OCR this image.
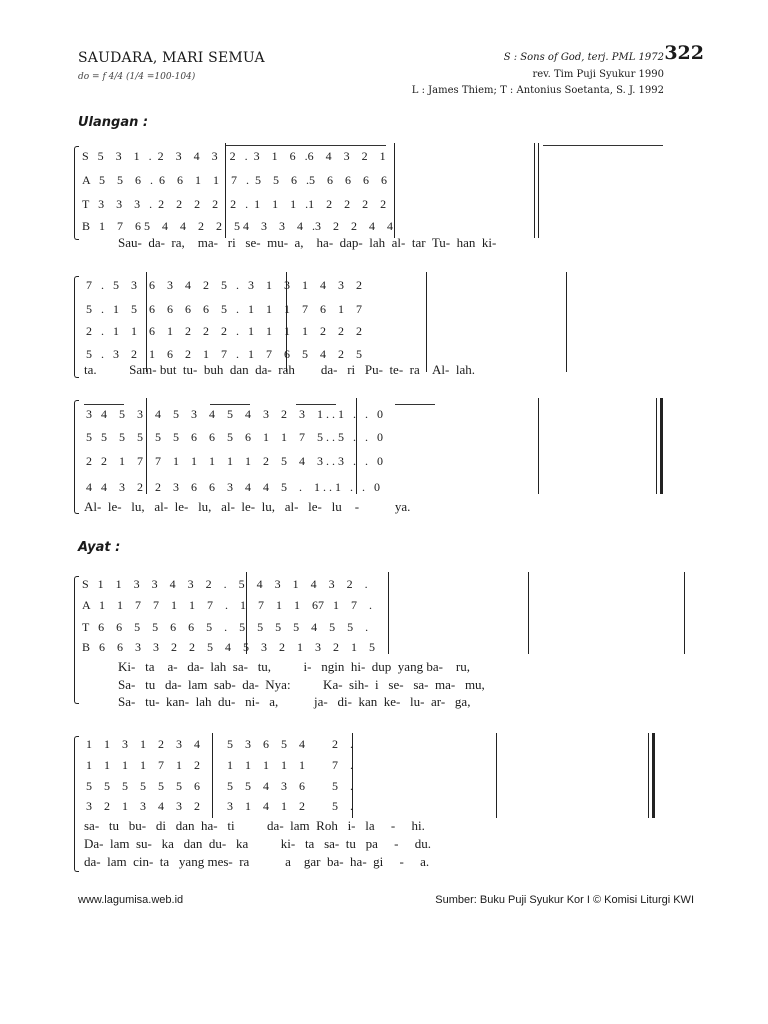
SAUDARA, MARI SEMUA
do = f 4/4 (1/4 =100-104)
S : Sons of God, terj. PML 1972 322
rev. Tim Puji Syukur 1990
L : James Thiem; T : Antonius Soetanta, S. J. 1992
Ulangan :
S   5    3    1   .  2    3    4    3    2   .  3    1    6   .6    4    3    2    1
A   5    5    6   .  6    6    1    1    7   .  5    5    6   .5    6    6    6    6
T   3    3    3   .  2    2    2    2    2   .  1    1    1   .1    2    2    2    2
B   1    7    6 5    4    4    2    2    5 4    3    3    4   .3    2    2    4    4
Sau-  da-  ra,    ma-   ri   se-  mu-  a,    ha-  dap-  lah  al-  tar  Tu-  han  ki-
7   .   5    3    6    3    4    2    5   .   3    1    3    1    4    3    2
5   .   1    5    6    6    6    6    5   .   1    1    1    7    6    1    7
2   .   1    1    6    1    2    2    2   .   1    1    1    1    2    2    2
5   .   3    2    1    6    2    1    7   .   1    7    6    5    4    2    5
ta.          Sam- but  tu-  buh  dan  da-  rah        da-   ri   Pu-  te-  ra    Al-  lah.
3   4    5    3    4    5    3    4    5    4    3    2    3    1 . . 1   .   .   0
5   5    5    5    5    5    6    6    5    6    1    1    7    5 . . 5   .   .   0
2   2    1    7    7    1    1    1    1    1    2    5    4    3 . . 3   .   .   0
4   4    3    2    2    3    6    6    3    4    4    5    .    1 . . 1   .   .   0
Al-  le-   lu,   al-  le-   lu,   al-  le-  lu,   al-   le-   lu    -           ya.
Ayat :
S   1    1    3    3    4    3    2    .    5    4    3    1    4    3    2    .
A   1    1    7    7    1    1    7    .    1    7    1    1    67   1    7    .
T   6    6    5    5    6    6    5    .    5    5    5    5    4    5    5    .
B   6    6    3    3    2    2    5    4    5    3    2    1    3    2    1    5
Ki-   ta    a-   da-  lah  sa-   tu,          i-   ngin  hi-  dup  yang ba-    ru,
Sa-   tu   da-  lam  sab-  da-  Nya:          Ka-  sih-  i   se-   sa-  ma-   mu,
Sa-   tu-  kan-  lah  du-   ni-   a,           ja-   di-  kan  ke-   lu-  ar-   ga,
1    1    3    1    2    3    4         5    3    6    5    4         2    .
1    1    1    1    7    1    2         1    1    1    1    1         7    .
5    5    5    5    5    5    6         5    5    4    3    6         5    .
3    2    1    3    4    3    2         3    1    4    1    2         5    .
sa-   tu   bu-   di   dan  ha-   ti          da-  lam  Roh   i-   la     -     hi.
Da-  lam  su-   ka   dan  du-   ka          ki-   ta   sa-  tu   pa     -     du.
da-  lam  cin-  ta   yang mes-  ra           a    gar  ba-  ha-  gi     -     a.
www.lagumisa.web.id	Sumber: Buku Puji Syukur Kor I © Komisi Liturgi KWI
